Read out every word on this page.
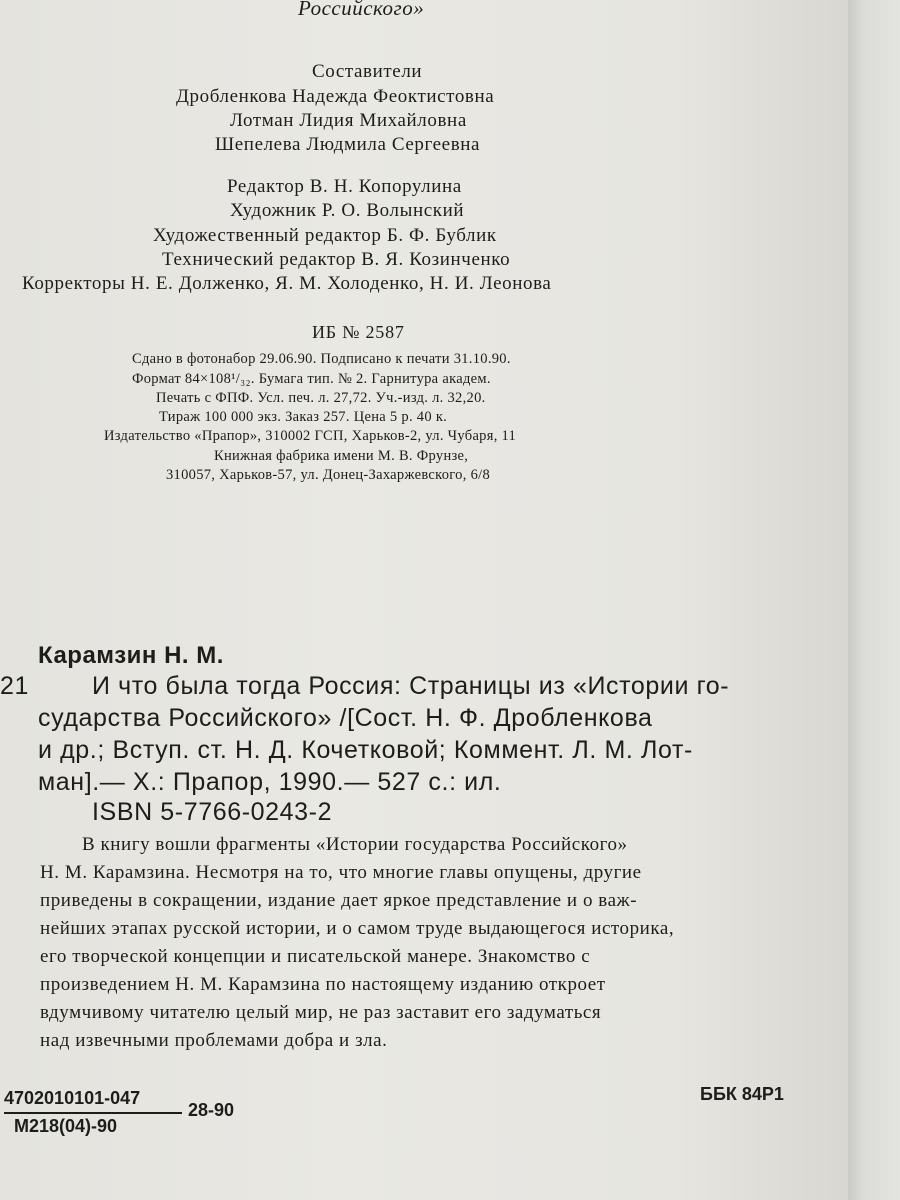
Российского»
Составители
Дробленкова Надежда Феоктистовна
Лотман Лидия Михайловна
Шепелева Людмила Сергеевна
Редактор В. Н. Копорулина
Художник Р. О. Волынский
Художественный редактор Б. Ф. Бублик
Технический редактор В. Я. Козинченко
Корректоры Н. Е. Долженко, Я. М. Холоденко, Н. И. Леонова
ИБ № 2587
Сдано в фотонабор 29.06.90. Подписано к печати 31.10.90.
Формат 84×108¹/₃₂. Бумага тип. № 2. Гарнитура академ.
Печать с ФПФ. Усл. печ. л. 27,72. Уч.-изд. л. 32,20.
Тираж 100 000 экз. Заказ 257. Цена 5 р. 40 к.
Издательство «Прапор», 310002 ГСП, Харьков-2, ул. Чубаря, 11
Книжная фабрика имени М. В. Фрунзе,
310057, Харьков-57, ул. Донец-Захаржевского, 6/8
Карамзин Н. М.
21	И что была тогда Россия: Страницы из «Истории го-
сударства Российского» /[Сост. Н. Ф. Дробленкова
и др.; Вступ. ст. Н. Д. Кочетковой; Коммент. Л. М. Лот-
ман].— Х.: Прапор, 1990.— 527 с.: ил.
ISBN 5-7766-0243-2
В книгу вошли фрагменты «Истории государства Российского»
Н. М. Карамзина. Несмотря на то, что многие главы опущены, другие
приведены в сокращении, издание дает яркое представление и о важ-
нейших этапах русской истории, и о самом труде выдающегося историка,
его творческой концепции и писательской манере. Знакомство с
произведением Н. М. Карамзина по настоящему изданию откроет
вдумчивому читателю целый мир, не раз заставит его задуматься
над извечными проблемами добра и зла.
4702010101-047
М218(04)-90
28-90
ББК 84Р1
